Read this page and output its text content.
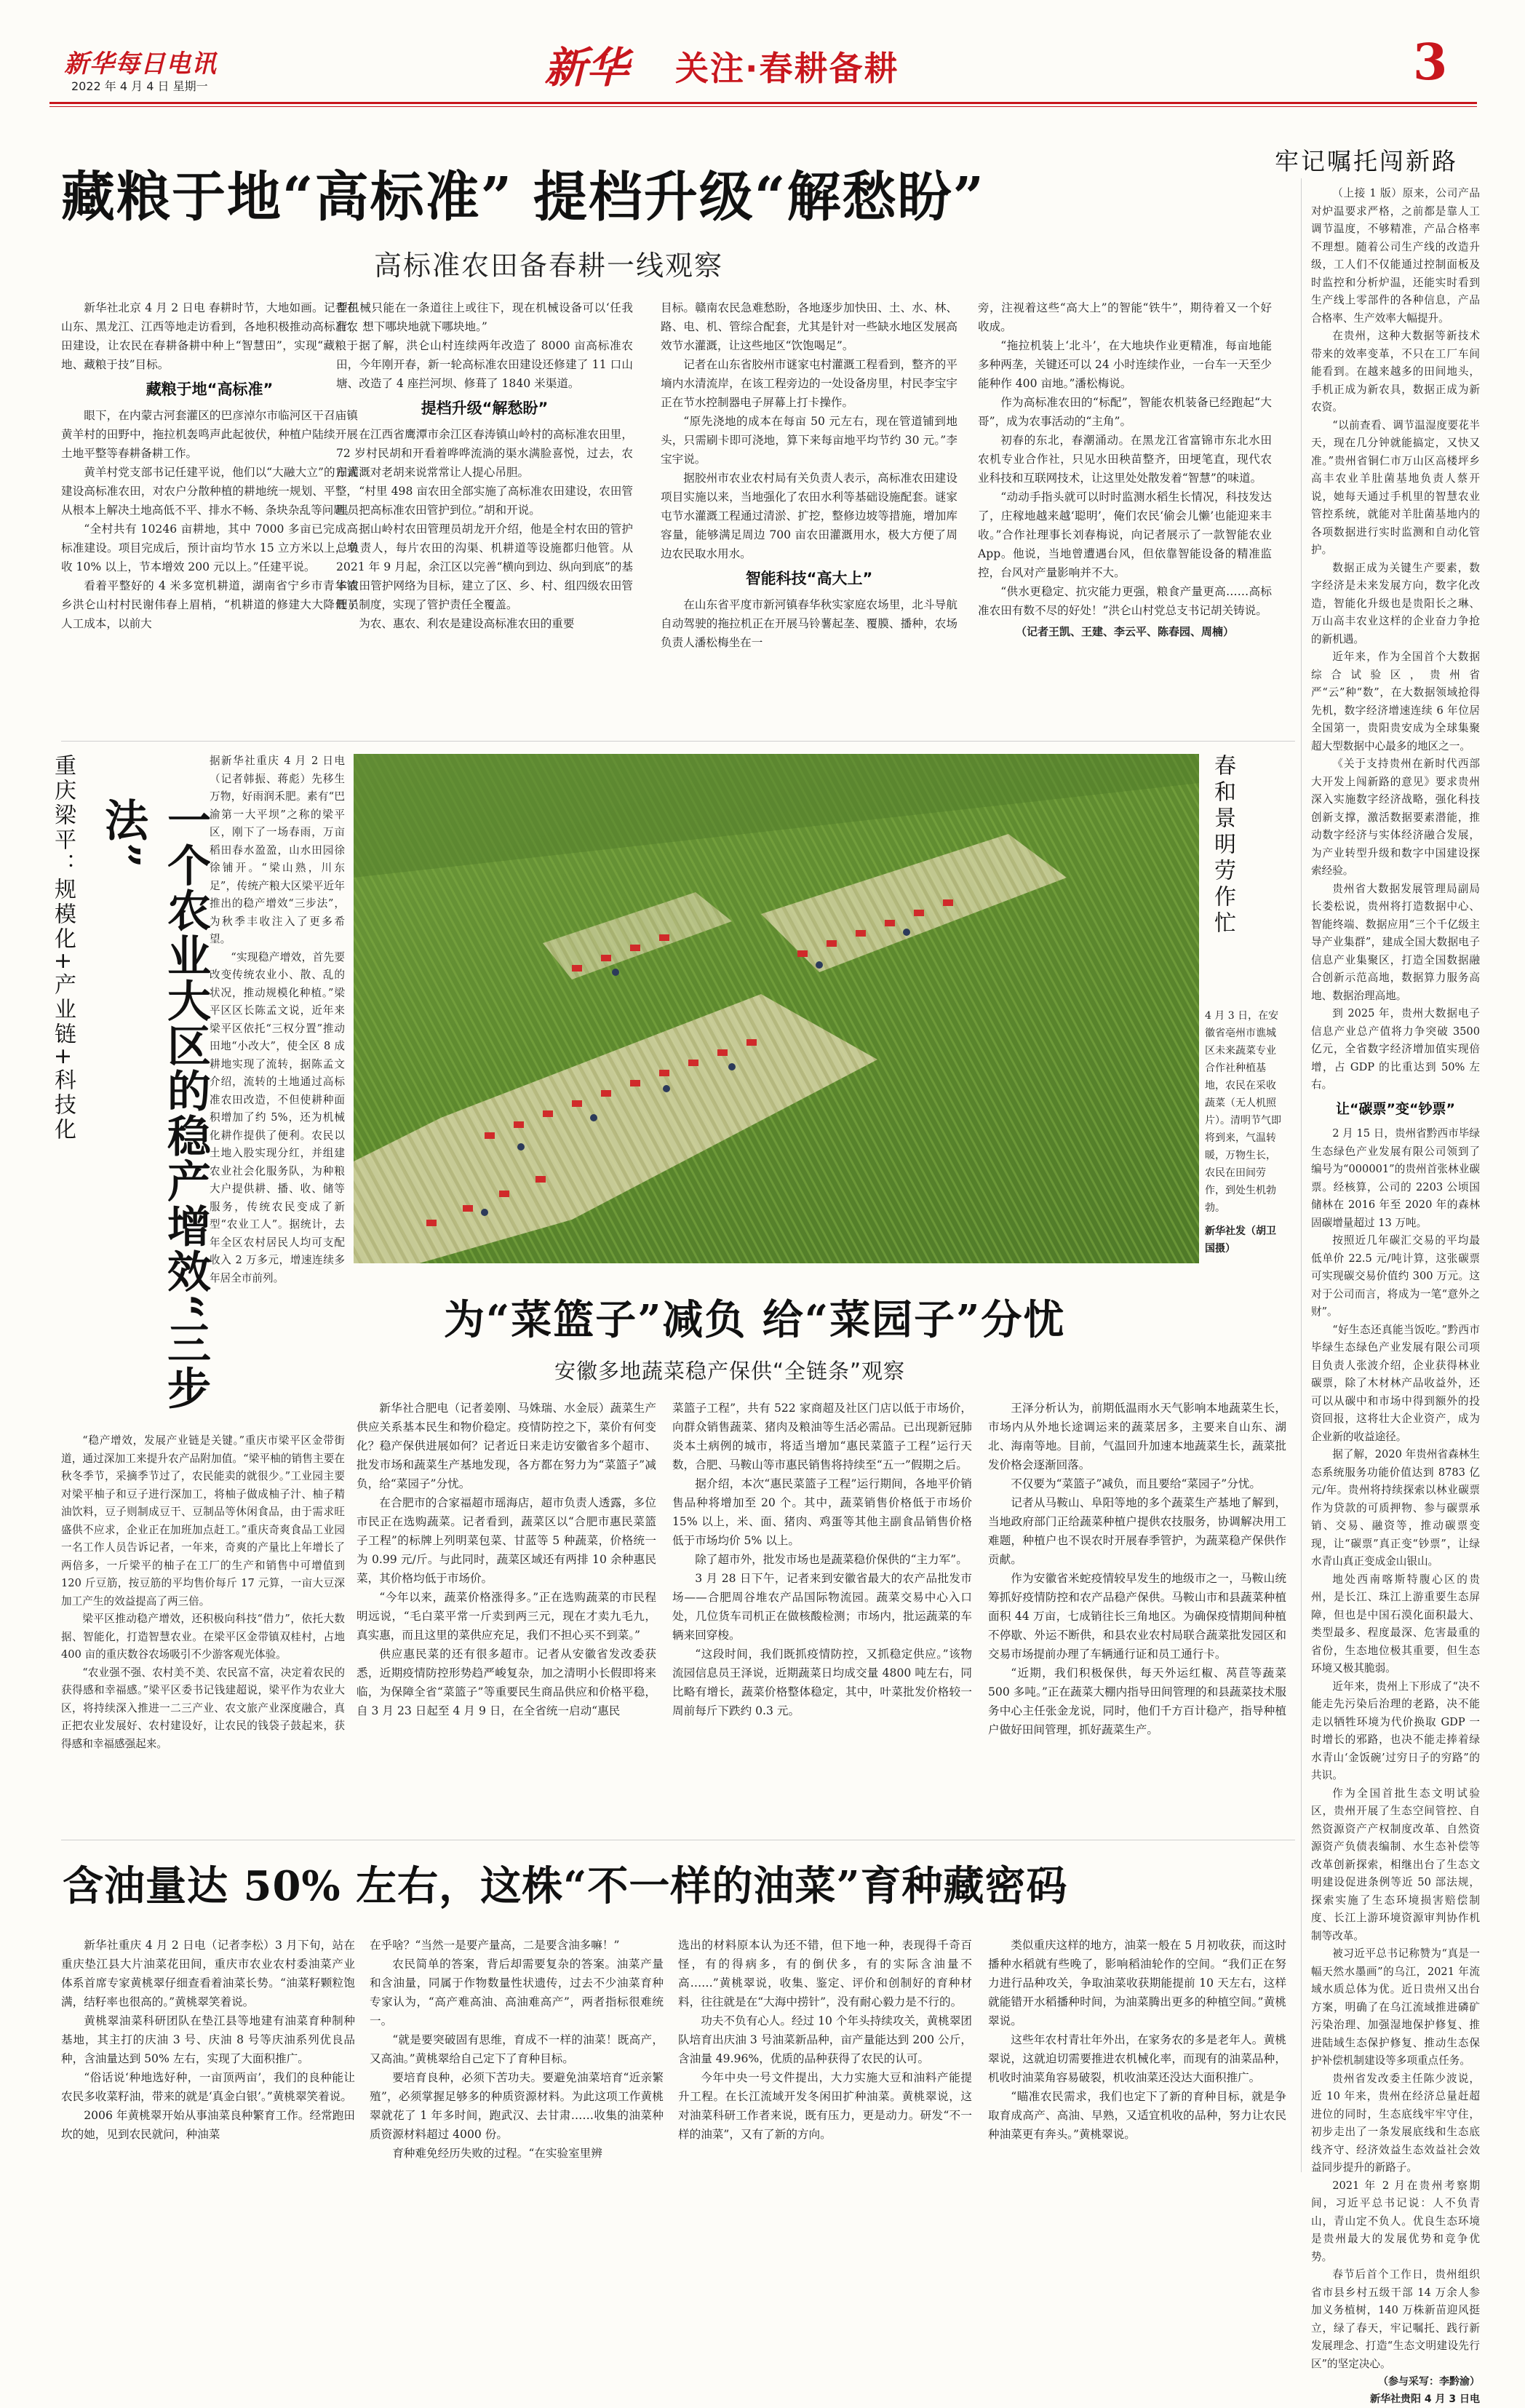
新华每日电讯
2022 年 4 月 4 日 星期一	新华 关注·春耕备耕	3
藏粮于地“高标准” 提档升级“解愁盼”
高标准农田备春耕一线观察
牢记嘱托闯新路

新华社北京 4 月 2 日电 春耕时节，大地如画。记者在山东、黑龙江、江西等地走访看到，各地积极推动高标准农田建设，让农民在春耕备耕中种上“智慧田”，实现“藏粮于地、藏粮于技”目标。

藏粮于地“高标准”

眼下，在内蒙古河套灌区的巴彦淖尔市临河区干召庙镇黄羊村的田野中，拖拉机轰鸣声此起彼伏，种植户陆续开展土地平整等春耕备耕工作。

黄羊村党支部书记任建平说，他们以“大融大立”的方式建设高标准农田，对农户分散种植的耕地统一规划、平整，从根本上解决土地高低不平、排水不畅、条块杂乱等问题。

“全村共有 10246 亩耕地，其中 7000 多亩已完成高标准建设。项目完成后，预计亩均节水 15 立方米以上，增收 10% 以上，节本增效 200 元以上。”任建平说。

看着平整好的 4 米多宽机耕道，湖南省宁乡市青华铺乡洪仑山村村民谢伟春上眉梢，“机耕道的修建大大降低了人工成本，以前大

型机械只能在一条道往上或往下，现在机械设备可以‘任我行’，想下哪块地就下哪块地。”

据了解，洪仑山村连续两年改造了 8000 亩高标准农田，今年刚开春，新一轮高标准农田建设还修建了 11 口山塘、改造了 4 座拦河坝、修葺了 1840 米渠道。

提档升级“解愁盼”

在江西省鹰潭市余江区春涛镇山岭村的高标准农田里，72 岁村民胡和开看着哗哗流淌的渠水满脸喜悦，过去，农田灌溉对老胡来说常常让人提心吊胆。

“村里 498 亩农田全部实施了高标准农田建设，农田管理员把高标准农田管护到位。”胡和开说。

据山岭村农田管理员胡龙开介绍，他是全村农田的管护总负责人，每片农田的沟渠、机耕道等设施都归他管。从 2021 年 9 月起，余江区以完善“横向到边、纵向到底”的基本农田管护网络为目标，建立了区、乡、村、组四级农田管理员制度，实现了管护责任全覆盖。

为农、惠农、利农是建设高标准农田的重要

目标。赣南农民急难愁盼，各地逐步加快田、土、水、林、路、电、机、管综合配套，尤其是针对一些缺水地区发展高效节水灌溉，让这些地区“饮饱喝足”。

记者在山东省胶州市谜家屯村灌溉工程看到，整齐的平墒内水清流岸，在该工程旁边的一处设备房里，村民李宝宇正在节水控制器电子屏幕上打卡操作。

“原先浇地的成本在每亩 50 元左右，现在管道铺到地头，只需刷卡即可浇地，算下来每亩地平均节约 30 元。”李宝宇说。

据胶州市农业农村局有关负责人表示，高标准农田建设项目实施以来，当地强化了农田水利等基础设施配套。谜家屯节水灌溉工程通过清淤、扩挖，整修边坡等措施，增加库容量，能够满足周边 700 亩农田灌溉用水，极大方便了周边农民取水用水。

智能科技“高大上”

在山东省平度市新河镇春华秋实家庭农场里，北斗导航自动驾驶的拖拉机正在开展马铃薯起垄、覆膜、播种，农场负责人潘松梅坐在一

旁，注视着这些“高大上”的智能“铁牛”，期待着又一个好收成。

“拖拉机装上‘北斗’，在大地块作业更精准，每亩地能多种两垄，关键还可以 24 小时连续作业，一台车一天至少能种作 400 亩地。”潘松梅说。

作为高标准农田的“标配”，智能农机装备已经跑起“大哥”，成为农事活动的“主角”。

初春的东北，春潮涌动。在黑龙江省富锦市东北水田农机专业合作社，只见水田秧苗整齐，田埂笔直，现代农业科技和互联网技术，让这里处处散发着“智慧”的味道。

“动动手指头就可以时时监测水稻生长情况，科技发达了，庄稼地越来越‘聪明’，俺们农民‘偷会儿懒’也能迎来丰收。”合作社理事长刘春梅说，向记者展示了一款智能农业 App。他说，当地曾遭遇台风，但依靠智能设备的精准监控，台风对产量影响并不大。

“供水更稳定、抗灾能力更强，粮食产量更高……高标准农田有数不尽的好处！”洪仑山村党总支书记胡关铸说。

（记者王凯、王建、李云平、陈春园、周楠）

（上接 1 版）原来，公司产品对炉温要求严格，之前都是靠人工调节温度，不够精准，产品合格率不理想。随着公司生产线的改造升级，工人们不仅能通过控制面板及时监控和分析炉温，还能实时看到生产线上零部件的各种信息，产品合格率、生产效率大幅提升。

在贵州，这种大数据等新技术带来的效率变革，不只在工厂车间能看到。在越来越多的田间地头，手机正成为新农具，数据正成为新农资。

“以前查看、调节温湿度要花半天，现在几分钟就能搞定，又快又准。”贵州省铜仁市万山区高楼坪乡高丰农业羊肚菌基地负责人蔡开说，她每天通过手机里的智慧农业管控系统，就能对羊肚菌基地内的各项数据进行实时监测和自动化管护。

数据正成为关键生产要素，数字经济是未来发展方向，数字化改造，智能化升级也是贵阳长之琳、万山高丰农业这样的企业奋力争抢的新机遇。

近年来，作为全国首个大数据综合试验区，贵州省严“云”种“数”，在大数据领域抢得先机，数字经济增速连续 6 年位居全国第一，贵阳贵安成为全球集聚超大型数据中心最多的地区之一。

《关于支持贵州在新时代西部大开发上闯新路的意见》要求贵州深入实施数字经济战略，强化科技创新支撑，激活数据要素潜能，推动数字经济与实体经济融合发展，为产业转型升级和数字中国建设探索经验。

贵州省大数据发展管理局副局长娄松说，贵州将打造数据中心、智能终端、数据应用“三个千亿级主导产业集群”，建成全国大数据电子信息产业集聚区，打造全国数据融合创新示范高地，数据算力服务高地、数据治理高地。

到 2025 年，贵州大数据电子信息产业总产值将力争突破 3500 亿元，全省数字经济增加值实现倍增，占 GDP 的比重达到 50% 左右。

让“碳票”变“钞票”

2 月 15 日，贵州省黔西市毕绿生态绿色产业发展有限公司领到了编号为“000001”的贵州首张林业碳票。经核算，公司的 2203 公顷国储林在 2016 年至 2020 年的森林固碳增量超过 13 万吨。

按照近几年碳汇交易的平均最低单价 22.5 元/吨计算，这张碳票可实现碳交易价值约 300 万元。这对于公司而言，将成为一笔“意外之财”。

“好生态还真能当饭吃。”黔西市毕绿生态绿色产业发展有限公司项目负责人张波介绍，企业获得林业碳票，除了木材林产品收益外，还可以从碳中和市场中得到额外的投资回报，这将壮大企业资产，成为企业新的收益途径。

据了解，2020 年贵州省森林生态系统服务功能价值达到 8783 亿元/年。贵州将持续探索以林业碳票作为贷款的可质押物、参与碳票承销、交易、融资等，推动碳票变现，让“碳票”真正变“钞票”，让绿水青山真正变成金山银山。

地处西南喀斯特腹心区的贵州，是长江、珠江上游重要生态屏障，但也是中国石漠化面积最大、类型最多、程度最深、危害最重的省份，生态地位极其重要，但生态环境又极其脆弱。

近年来，贵州上下形成了“决不能走先污染后治理的老路，决不能走以牺牲环境为代价换取 GDP 一时增长的邪路，也决不能走捧着绿水青山‘金饭碗’过穷日子的穷路”的共识。

作为全国首批生态文明试验区，贵州开展了生态空间管控、自然资源资产产权制度改革、自然资源资产负债表编制、水生态补偿等改革创新探索，相继出台了生态文明建设促进条例等近 50 部法规，探索实施了生态环境损害赔偿制度、长江上游环境资源审判协作机制等改革。

被习近平总书记称赞为“真是一幅天然水墨画”的乌江，2021 年流域水质总体为优。近日贵州又出台方案，明确了在乌江流域推进磷矿污染治理、加强湿地保护修复、推进陆域生态保护修复、推动生态保护补偿机制建设等多项重点任务。

贵州省发改委主任陈少波说，近 10 年来，贵州在经济总量赶超进位的同时，生态底线牢牢守住，初步走出了一条发展底线和生态底线齐守、经济效益生态效益社会效益同步提升的新路子。

2021 年 2 月在贵州考察期间，习近平总书记说：人不负青山，青山定不负人。优良生态环境是贵州最大的发展优势和竞争优势。

春节后首个工作日，贵州组织省市县乡村五级干部 14 万余人参加义务植树，140 万株新苗迎风挺立，绿了春天，牢记嘱托、践行新发展理念、打造“生态文明建设先行区”的坚定决心。

（参与采写：李黔渝）
新华社贵阳 4 月 3 日电
重庆梁平：规模化+产业链+科技化	一个农业大区的稳产增效“三步法”

据新华社重庆 4 月 2 日电（记者韩振、蒋彪）先移生万物，好雨润禾肥。素有“巴渝第一大平坝”之称的梁平区，刚下了一场春雨，万亩稻田春水盈盈，山水田园徐徐铺开。“梁山熟，川东足”，传统产粮大区梁平近年推出的稳产增效“三步法”，为秋季丰收注入了更多希望。

“实现稳产增效，首先要改变传统农业小、散、乱的状况，推动规模化种植。”梁平区区长陈孟文说，近年来梁平区依托“三权分置”推动田地“小改大”，使全区 8 成耕地实现了流转，据陈孟文介绍，流转的土地通过高标准农田改造，不但使耕种面积增加了约 5%，还为机械化耕作提供了便利。农民以土地入股实现分红，并组建农业社会化服务队，为种粮大户提供耕、播、收、储等服务，传统农民变成了新型“农业工人”。据统计，去年全区农村居民人均可支配收入 2 万多元，增速连续多年居全市前列。

“稳产增效，发展产业链是关键。”重庆市梁平区金带街道，通过深加工来提升农产品附加值。“梁平柚的销售主要在秋冬季节，采摘季节过了，农民能卖的就很少。”工业园主要对梁平柚子和豆子进行深加工，将柚子做成柚子汁、柚子精油饮料，豆子则制成豆干、豆制品等休闲食品，由于需求旺盛供不应求，企业正在加班加点赶工。”重庆奇爽食品工业园一名工作人员告诉记者，一年来，奇爽的产量比上年增长了两倍多，一斤梁平的柚子在工厂的生产和销售中可增值到 120 斤豆筋，按豆筋的平均售价每斤 17 元算，一亩大豆深加工产生的效益提高了两三倍。

梁平区推动稳产增效，还积极向科技“借力”，依托大数据、智能化，打造智慧农业。在梁平区金带镇双桂村，占地 400 亩的重庆数谷农场吸引不少游客观光体验。

“农业强不强、农村美不美、农民富不富，决定着农民的获得感和幸福感。”梁平区委书记钱建超说，梁平作为农业大区，将持续深入推进一二三产业、农文旅产业深度融合，真正把农业发展好、农村建设好，让农民的钱袋子鼓起来，获得感和幸福感强起来。

春和景明劳作忙
4 月 3 日，在安徽省亳州市谯城区未来蔬菜专业合作社种植基地，农民在采收蔬菜（无人机照片）。清明节气即将到来，气温转暖，万物生长，农民在田间劳作，到处生机勃勃。
新华社发（胡卫国摄）
为“菜篮子”减负 给“菜园子”分忧
安徽多地蔬菜稳产保供“全链条”观察

新华社合肥电（记者姜刚、马姝瑞、水金辰）蔬菜生产供应关系基本民生和物价稳定。疫情防控之下，菜价有何变化？稳产保供进展如何？记者近日来走访安徽省多个超市、批发市场和蔬菜生产基地发现，各方都在努力为“菜篮子”减负，给“菜园子”分忧。

在合肥市的合家福超市瑶海店，超市负责人透露，多位市民正在选购蔬菜。记者看到，蔬菜区以“合肥市惠民菜篮子工程”的标牌上列明菜包菜、甘蓝等 5 种蔬菜，价格统一为 0.99 元/斤。与此同时，蔬菜区域还有两排 10 余种惠民菜，其价格均低于市场价。

“今年以来，蔬菜价格涨得多。”正在选购蔬菜的市民程明远说，“毛白菜平常一斤卖到两三元，现在才卖九毛九，真实惠，而且这里的菜供应充足，我们不担心买不到菜。”

供应惠民菜的还有很多超市。记者从安徽省发改委获悉，近期疫情防控形势趋严峻复杂，加之清明小长假即将来临，为保障全省“菜篮子”等重要民生商品供应和价格平稳，自 3 月 23 日起至 4 月 9 日，在全省统一启动“惠民

菜篮子工程”，共有 522 家商超及社区门店以低于市场价，向群众销售蔬菜、猪肉及粮油等生活必需品。已出现新冠肺炎本土病例的城市，将适当增加“惠民菜篮子工程”运行天数，合肥、马鞍山等市惠民销售将持续至“五一”假期之后。

据介绍，本次“惠民菜篮子工程”运行期间，各地平价销售品种将增加至 20 个。其中，蔬菜销售价格低于市场价 15% 以上，米、面、猪肉、鸡蛋等其他主副食品销售价格低于市场均价 5% 以上。

除了超市外，批发市场也是蔬菜稳价保供的“主力军”。

3 月 28 日下午，记者来到安徽省最大的农产品批发市场——合肥周谷堆农产品国际物流园。蔬菜交易中心入口处，几位货车司机正在做核酸检测；市场内，批运蔬菜的车辆来回穿梭。

“这段时间，我们既抓疫情防控，又抓稳定供应。”该物流园信息员王泽说，近期蔬菜日均成交量 4800 吨左右，同比略有增长，蔬菜价格整体稳定，其中，叶菜批发价格较一周前每斤下跌约 0.3 元。

王泽分析认为，前期低温雨水天气影响本地蔬菜生长，市场内从外地长途调运来的蔬菜居多，主要来自山东、湖北、海南等地。目前，气温回升加速本地蔬菜生长，蔬菜批发价格会逐渐回落。

不仅要为“菜篮子”减负，而且要给“菜园子”分忧。

记者从马鞍山、阜阳等地的多个蔬菜生产基地了解到，当地政府部门正给蔬菜种植户提供农技服务，协调解决用工难题，种植户也不误农时开展春季管护，为蔬菜稳产保供作贡献。

作为安徽省米蛇疫情较早发生的地级市之一，马鞍山统筹抓好疫情防控和农产品稳产保供。马鞍山市和县蔬菜种植面积 44 万亩，七成销往长三角地区。为确保疫情期间种植不停歇、外运不断供，和县农业农村局联合蔬菜批发园区和交易市场提前办理了车辆通行证和员工通行卡。

“近期，我们积极保供，每天外运红椒、莴苣等蔬菜 500 多吨。”正在蔬菜大棚内指导田间管理的和县蔬菜技术服务中心主任张金龙说，同时，他们千方百计稳产，指导种植户做好田间管理，抓好蔬菜生产。

含油量达 50% 左右，这株“不一样的油菜”育种藏密码

新华社重庆 4 月 2 日电（记者李松）3 月下旬，站在重庆垫江县大片油菜花田间，重庆市农业农村委油菜产业体系首席专家黄桃翠仔细查看着油菜长势。“油菜籽颗粒饱满，结籽率也很高的。”黄桃翠笑着说。

黄桃翠油菜科研团队在垫江县等地建有油菜育种制种基地，其主打的庆油 3 号、庆油 8 号等庆油系列优良品种，含油量达到 50% 左右，实现了大面积推广。

“俗话说‘种地选好种，一亩顶两亩’，我们的良种能让农民多收菜籽油，带来的就是‘真金白银’。”黄桃翠笑着说。

2006 年黄桃翠开始从事油菜良种繁育工作。经常跑田坎的她，见到农民就问，种油菜

在乎啥？“当然一是要产量高，二是要含油多嘛！”

农民简单的答案，背后却需要复杂的答案。油菜产量和含油量，同属于作物数量性状遗传，过去不少油菜育种专家认为，“高产难高油、高油难高产”，两者指标很难统一。

“就是要突破固有思维，育成不一样的油菜！既高产，又高油。”黄桃翠给自己定下了育种目标。

要培育良种，必须下苦功夫。要避免油菜培育“近亲繁殖”，必须掌握足够多的种质资源材料。为此这项工作黄桃翠就花了 1 年多时间，跑武汉、去甘肃……收集的油菜种质资源材料超过 4000 份。

育种难免经历失败的过程。“在实验室里辨

选出的材料原本认为还不错，但下地一种，表现得千奇百怪，有的得病多，有的倒伏多，有的实际含油量不高……”黄桃翠说，收集、鉴定、评价和创制好的育种材料，往往就是在“大海中捞针”，没有耐心毅力是不行的。

功夫不负有心人。经过 10 个年头持续攻关，黄桃翠团队培育出庆油 3 号油菜新品种，亩产量能达到 200 公斤，含油量 49.96%，优质的品种获得了农民的认可。

今年中央一号文件提出，大力实施大豆和油料产能提升工程。在长江流域开发冬闲田扩种油菜。黄桃翠说，这对油菜科研工作者来说，既有压力，更是动力。研发“不一样的油菜”，又有了新的方向。

类似重庆这样的地方，油菜一般在 5 月初收获，而这时播种水稻就有些晚了，影响稻油轮作的空间。“我们正在努力进行品种攻关，争取油菜收获期能提前 10 天左右，这样就能错开水稻播种时间，为油菜腾出更多的种植空间。”黄桃翠说。

这些年农村青壮年外出，在家务农的多是老年人。黄桃翠说，这就迫切需要推进农机械化率，而现有的油菜品种，机收时油菜角容易破裂，机收油菜还没达大面积推广。

“瞄准农民需求，我们也定下了新的育种目标，就是争取育成高产、高油、早熟，又适宜机收的品种，努力让农民种油菜更有奔头。”黄桃翠说。
